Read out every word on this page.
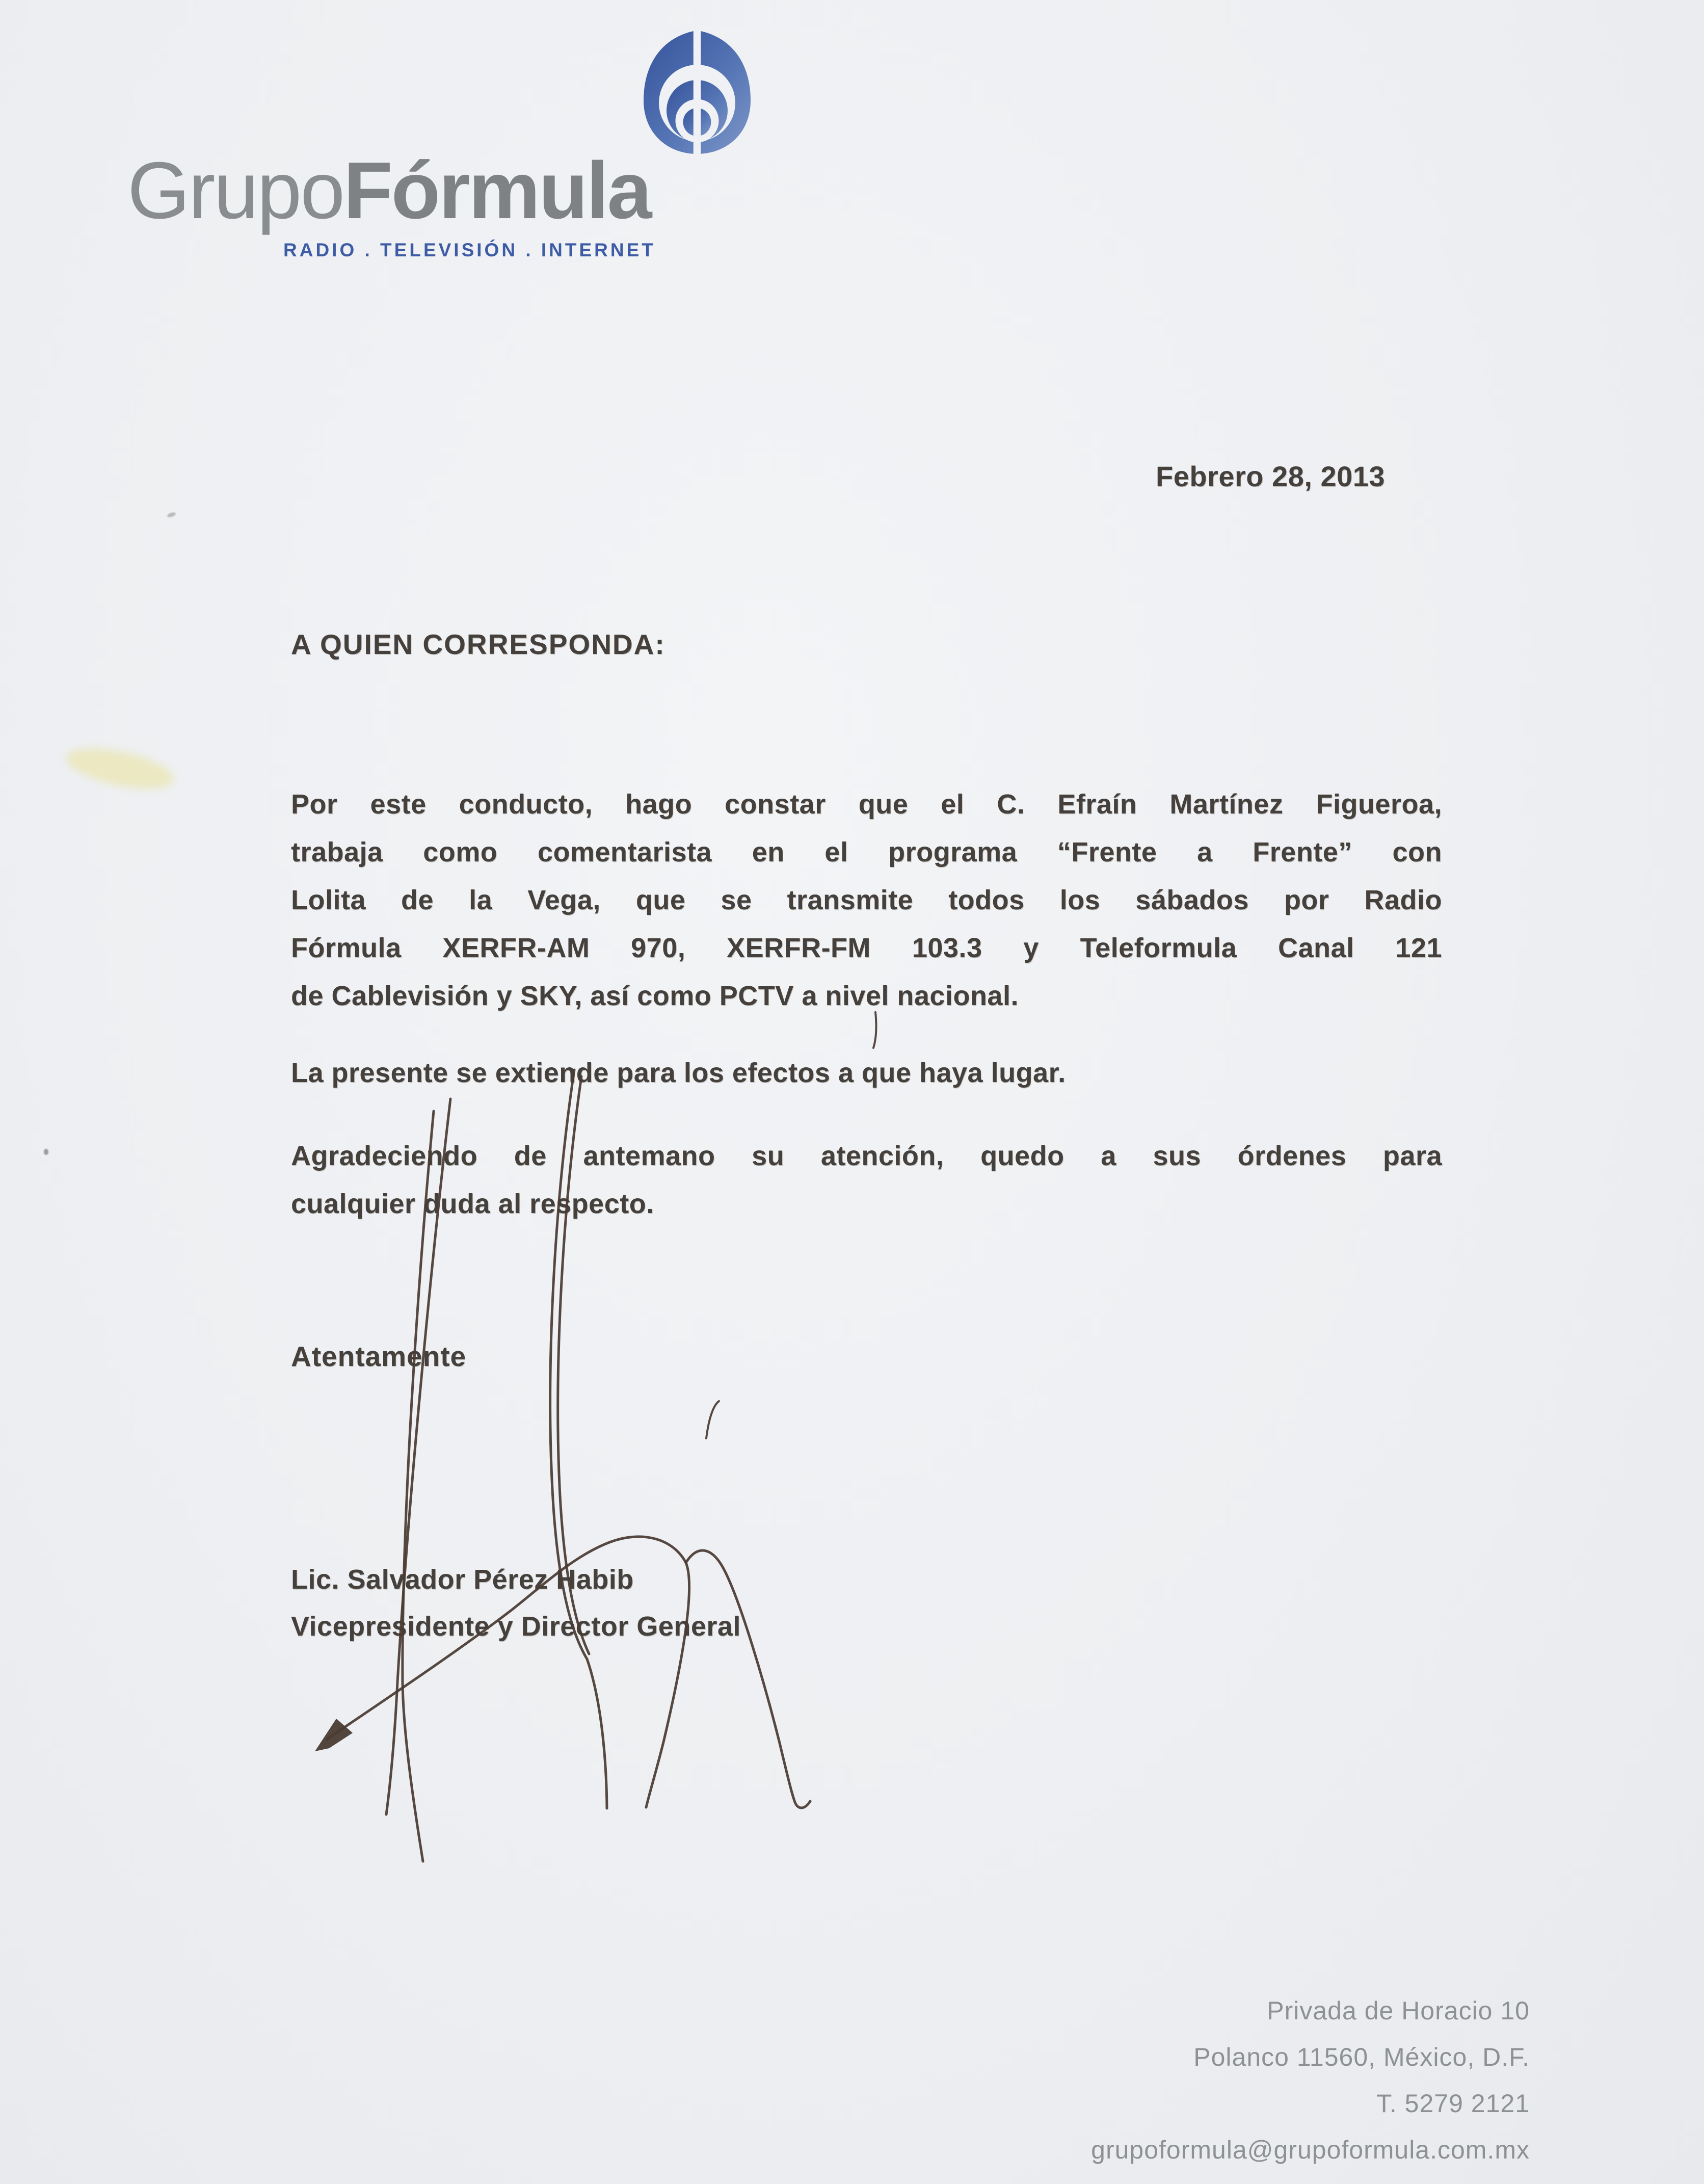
GrupoFórmula
RADIO . TELEVISIÓN . INTERNET
Febrero 28, 2013
A QUIEN CORRESPONDA:
Por este conducto, hago constar que el C. Efraín Martínez Figueroa,
trabaja como comentarista en el programa “Frente a Frente” con
Lolita de la Vega, que se transmite todos los sábados por Radio
Fórmula XERFR-AM 970, XERFR-FM 103.3 y Teleformula Canal 121
de Cablevisión y SKY, así como PCTV a nivel nacional.
La presente se extiende para los efectos a que haya lugar.
Agradeciendo de antemano su atención, quedo a sus órdenes para
cualquier duda al respecto.
Atentamente
Lic. Salvador Pérez Habib
Vicepresidente y Director General
Privada de Horacio 10
Polanco 11560, México, D.F.
T. 5279 2121
grupoformula@grupoformula.com.mx
